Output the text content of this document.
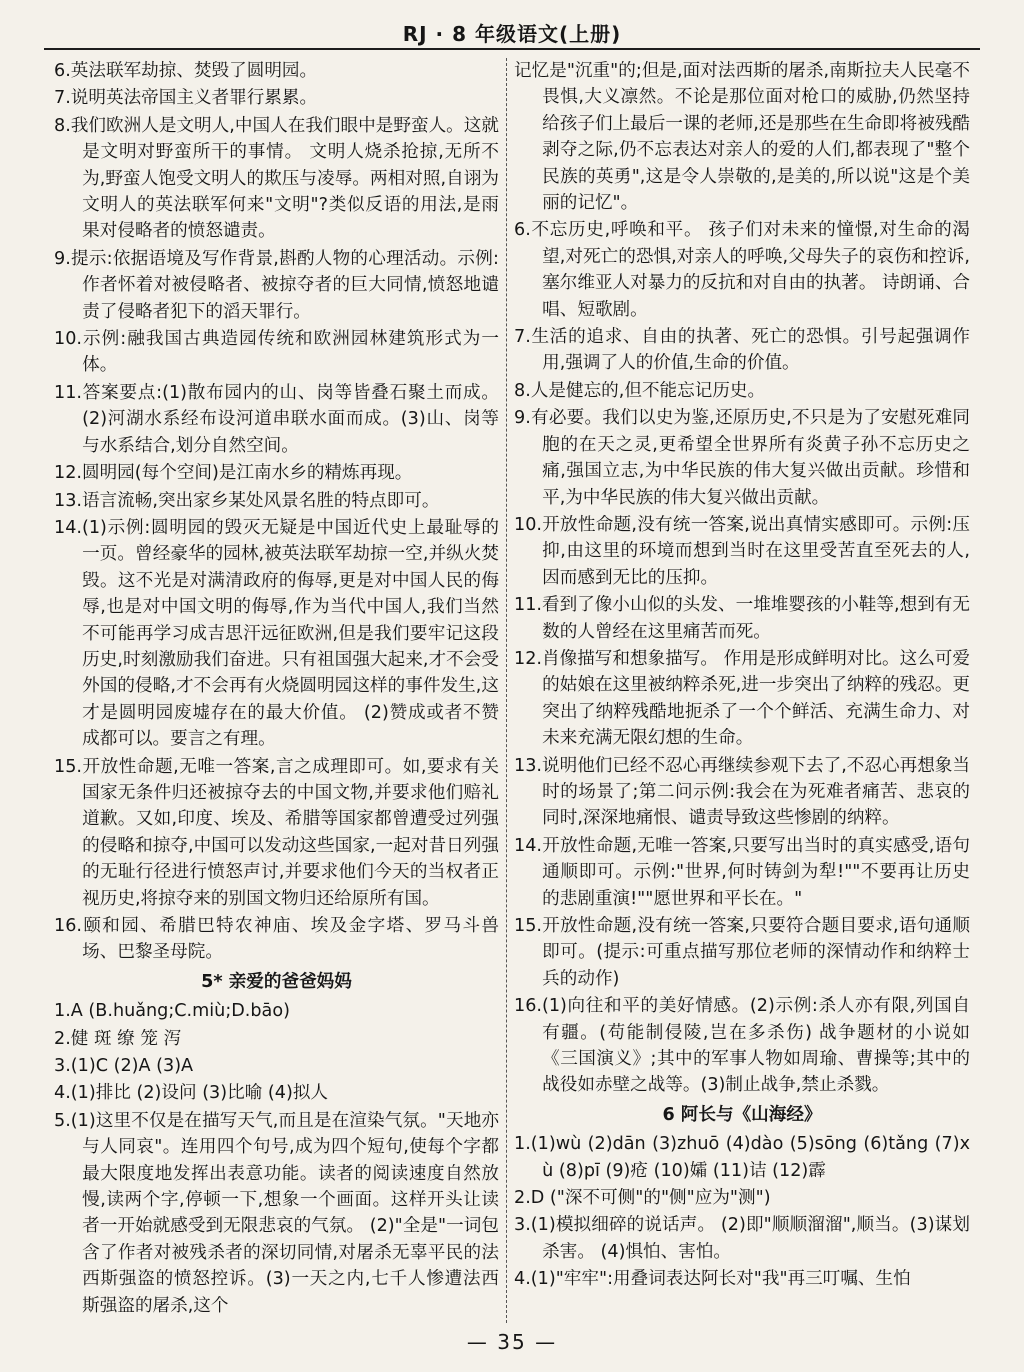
RJ · 8 年级语文(上册)

6.英法联军劫掠、焚毁了圆明园。

7.说明英法帝国主义者罪行累累。

8.我们欧洲人是文明人,中国人在我们眼中是野蛮人。这就是文明对野蛮所干的事情。 文明人烧杀抢掠,无所不为,野蛮人饱受文明人的欺压与凌辱。两相对照,自诩为文明人的英法联军何来"文明"?类似反语的用法,是雨果对侵略者的愤怒谴责。

9.提示:依据语境及写作背景,斟酌人物的心理活动。示例:作者怀着对被侵略者、被掠夺者的巨大同情,愤怒地谴责了侵略者犯下的滔天罪行。

10.示例:融我国古典造园传统和欧洲园林建筑形式为一体。

11.答案要点:(1)散布园内的山、岗等皆叠石聚土而成。(2)河湖水系经布设河道串联水面而成。(3)山、岗等与水系结合,划分自然空间。

12.圆明园(每个空间)是江南水乡的精炼再现。

13.语言流畅,突出家乡某处风景名胜的特点即可。

14.(1)示例:圆明园的毁灭无疑是中国近代史上最耻辱的一页。曾经豪华的园林,被英法联军劫掠一空,并纵火焚毁。这不光是对满清政府的侮辱,更是对中国人民的侮辱,也是对中国文明的侮辱,作为当代中国人,我们当然不可能再学习成吉思汗远征欧洲,但是我们要牢记这段历史,时刻激励我们奋进。只有祖国强大起来,才不会受外国的侵略,才不会再有火烧圆明园这样的事件发生,这才是圆明园废墟存在的最大价值。 (2)赞成或者不赞成都可以。要言之有理。

15.开放性命题,无唯一答案,言之成理即可。如,要求有关国家无条件归还被掠夺去的中国文物,并要求他们赔礼道歉。又如,印度、埃及、希腊等国家都曾遭受过列强的侵略和掠夺,中国可以发动这些国家,一起对昔日列强的无耻行径进行愤怒声讨,并要求他们今天的当权者正视历史,将掠夺来的别国文物归还给原所有国。

16.颐和园、希腊巴特农神庙、埃及金字塔、罗马斗兽场、巴黎圣母院。

5* 亲爱的爸爸妈妈

1.A (B.huǎng;C.miù;D.bāo)

2.健 斑 缭 笼 泻

3.(1)C (2)A (3)A

4.(1)排比 (2)设问 (3)比喻 (4)拟人

5.(1)这里不仅是在描写天气,而且是在渲染气氛。"天地亦与人同哀"。连用四个句号,成为四个短句,使每个字都最大限度地发挥出表意功能。读者的阅读速度自然放慢,读两个字,停顿一下,想象一个画面。这样开头让读者一开始就感受到无限悲哀的气氛。 (2)"全是"一词包含了作者对被残杀者的深切同情,对屠杀无辜平民的法西斯强盗的愤怒控诉。(3)一天之内,七千人惨遭法西斯强盗的屠杀,这个

记忆是"沉重"的;但是,面对法西斯的屠杀,南斯拉夫人民毫不畏惧,大义凛然。不论是那位面对枪口的威胁,仍然坚持给孩子们上最后一课的老师,还是那些在生命即将被残酷剥夺之际,仍不忘表达对亲人的爱的人们,都表现了"整个民族的英勇",这是令人崇敬的,是美的,所以说"这是个美丽的记忆"。

6.不忘历史,呼唤和平。 孩子们对未来的憧憬,对生命的渴望,对死亡的恐惧,对亲人的呼唤,父母失子的哀伤和控诉,塞尔维亚人对暴力的反抗和对自由的执著。 诗朗诵、合唱、短歌剧。

7.生活的追求、自由的执著、死亡的恐惧。引号起强调作用,强调了人的价值,生命的价值。

8.人是健忘的,但不能忘记历史。

9.有必要。我们以史为鉴,还原历史,不只是为了安慰死难同胞的在天之灵,更希望全世界所有炎黄子孙不忘历史之痛,强国立志,为中华民族的伟大复兴做出贡献。珍惜和平,为中华民族的伟大复兴做出贡献。

10.开放性命题,没有统一答案,说出真情实感即可。示例:压抑,由这里的环境而想到当时在这里受苦直至死去的人,因而感到无比的压抑。

11.看到了像小山似的头发、一堆堆婴孩的小鞋等,想到有无数的人曾经在这里痛苦而死。

12.肖像描写和想象描写。 作用是形成鲜明对比。这么可爱的姑娘在这里被纳粹杀死,进一步突出了纳粹的残忍。更突出了纳粹残酷地扼杀了一个个鲜活、充满生命力、对未来充满无限幻想的生命。

13.说明他们已经不忍心再继续参观下去了,不忍心再想象当时的场景了;第二问示例:我会在为死难者痛苦、悲哀的同时,深深地痛恨、谴责导致这些惨剧的纳粹。

14.开放性命题,无唯一答案,只要写出当时的真实感受,语句通顺即可。示例:"世界,何时铸剑为犁!""不要再让历史的悲剧重演!""愿世界和平长在。"

15.开放性命题,没有统一答案,只要符合题目要求,语句通顺即可。(提示:可重点描写那位老师的深情动作和纳粹士兵的动作)

16.(1)向往和平的美好情感。(2)示例:杀人亦有限,列国自有疆。(苟能制侵陵,岂在多杀伤) 战争题材的小说如《三国演义》;其中的军事人物如周瑜、曹操等;其中的战役如赤壁之战等。(3)制止战争,禁止杀戮。

6 阿长与《山海经》

1.(1)wù (2)dān (3)zhuō (4)dào (5)sōng (6)tǎng (7)xù (8)pī (9)疮 (10)孀 (11)诘 (12)霹

2.D ("深不可侧"的"侧"应为"测")

3.(1)模拟细碎的说话声。 (2)即"顺顺溜溜",顺当。(3)谋划杀害。 (4)惧怕、害怕。

4.(1)"牢牢":用叠词表达阿长对"我"再三叮嘱、生怕

— 35 —
